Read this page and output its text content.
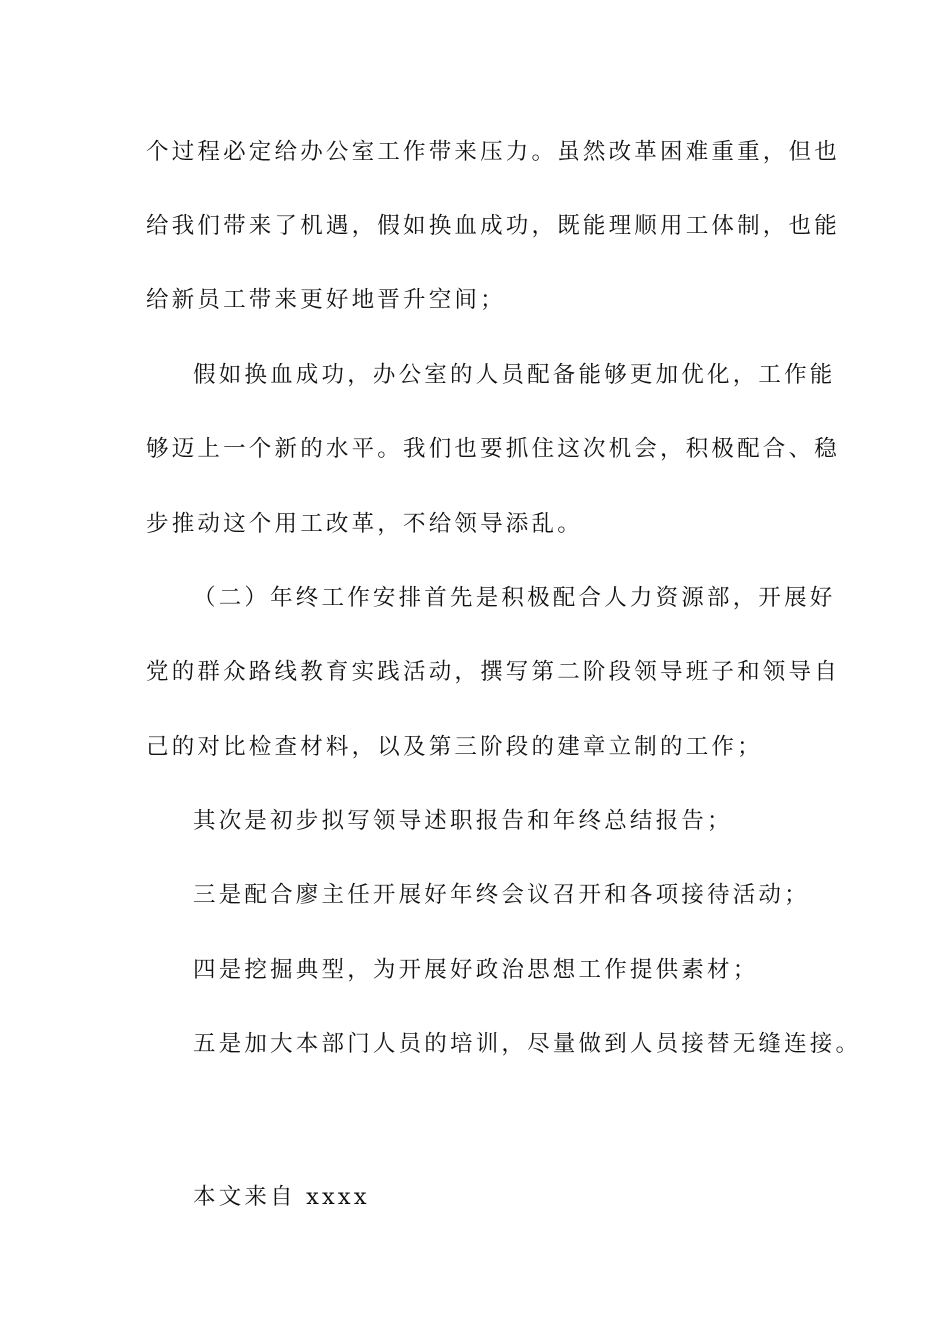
个过程必定给办公室工作带来压力。虽然改革困难重重，但也
给我们带来了机遇，假如换血成功，既能理顺用工体制，也能
给新员工带来更好地晋升空间；
假如换血成功，办公室的人员配备能够更加优化，工作能
够迈上一个新的水平。我们也要抓住这次机会，积极配合、稳
步推动这个用工改革，不给领导添乱。
（二）年终工作安排首先是积极配合人力资源部，开展好
党的群众路线教育实践活动，撰写第二阶段领导班子和领导自
己的对比检查材料，以及第三阶段的建章立制的工作；
其次是初步拟写领导述职报告和年终总结报告；
三是配合廖主任开展好年终会议召开和各项接待活动；
四是挖掘典型，为开展好政治思想工作提供素材；
五是加大本部门人员的培训，尽量做到人员接替无缝连接。
本文来自 xxxx
